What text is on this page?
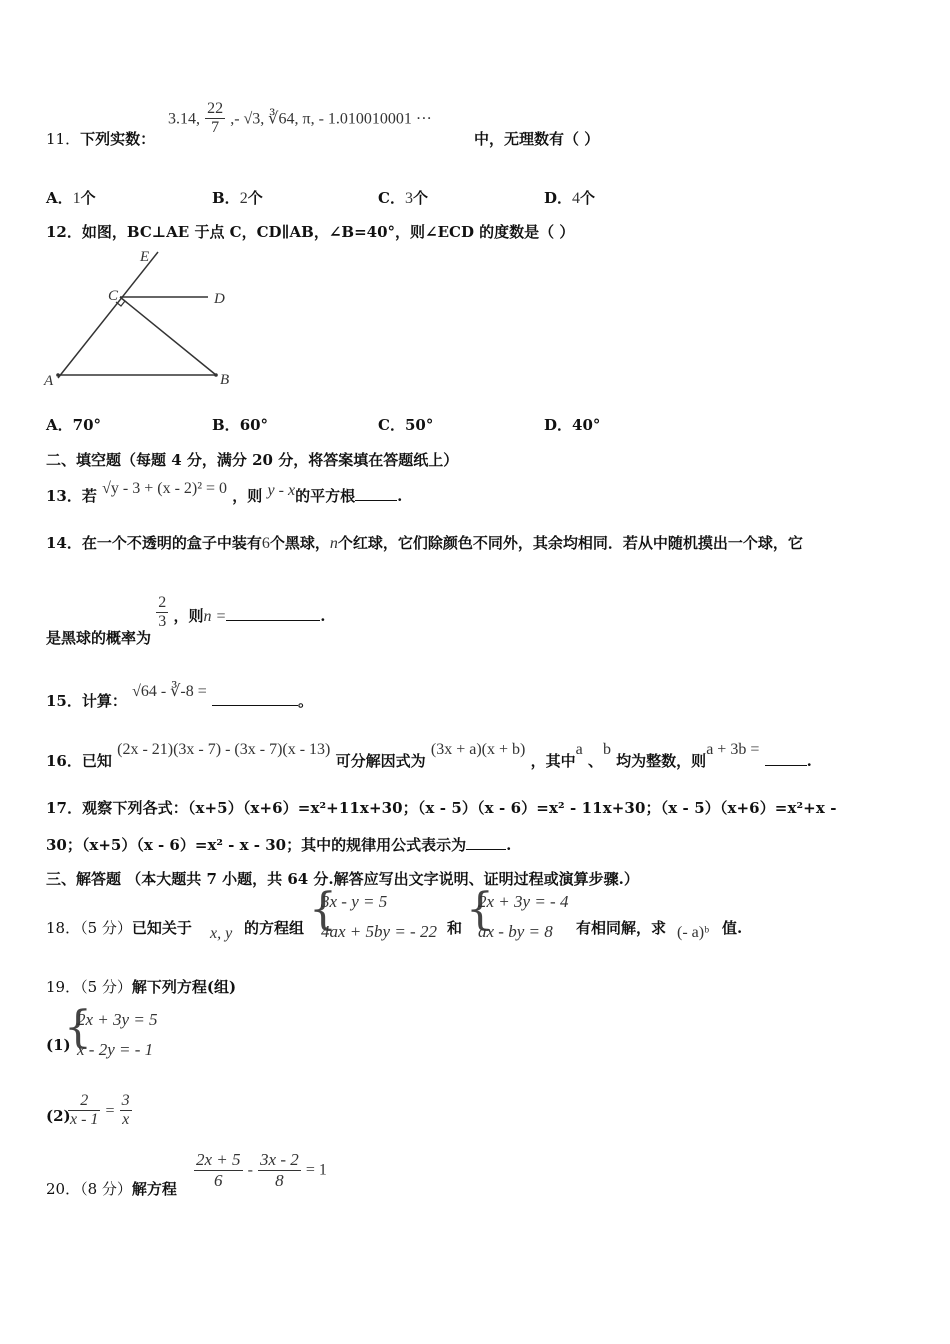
11．下列实数：
3.14, $\frac{22}{7}$ ,- √3, ∛64, π, - 1.010010001 ···
中，无理数有（ ）
A．1个	B．2个	C．3个	D．4个
12．如图，BC⊥AE 于点 C，CD∥AB，∠B=40°，则∠ECD 的度数是（ ）
E
C	D
A	B
A．70°	B．60°	C．50°	D．40°
二、填空题（每题 4 分，满分 20 分，将答案填在答题纸上）
13．若 √y - 3 + (x - 2)² = 0 ，则 y - x的平方根	.
14．在一个不透明的盒子中装有6个黑球，n个红球，它们除颜色不同外，其余均相同．若从中随机摸出一个球，它
是黑球的概率为
$\frac{2}{3}$ ，则n =	.
15．计算： √64 - ∛-8 = 。
16．已知 (2x - 21)(3x - 7) - (3x - 7)(x - 13) 可分解因式为 (3x + a)(x + b) ，其中a 、b 均为整数，则a + 3b = .
17．观察下列各式：（x+5）（x+6）=x²+11x+30；（x - 5）（x - 6）=x² - 11x+30；（x - 5）（x+6）=x²+x -
30；（x+5）（x - 6）=x² - x - 30；其中的规律用公式表示为	.
三、解答题 （本大题共 7 小题，共 64 分.解答应写出文字说明、证明过程或演算步骤.）
18．（5 分）已知关于 x, y 的方程组 {
3x - y = 5
4ax + 5by = - 22 和 {
2x + 3y = - 4
ax - by = 8 有相同解，求 (- a)ᵇ 值.
19．（5 分）解下列方程(组)
(1)
{
2x + 3y = 5
x - 2y = - 1
(2)
$\frac{2}{x - 1} = \frac{3}{x}$
20．（8 分）解方程 $\frac{2x + 5}{6} - \frac{3x - 2}{8} = 1$
